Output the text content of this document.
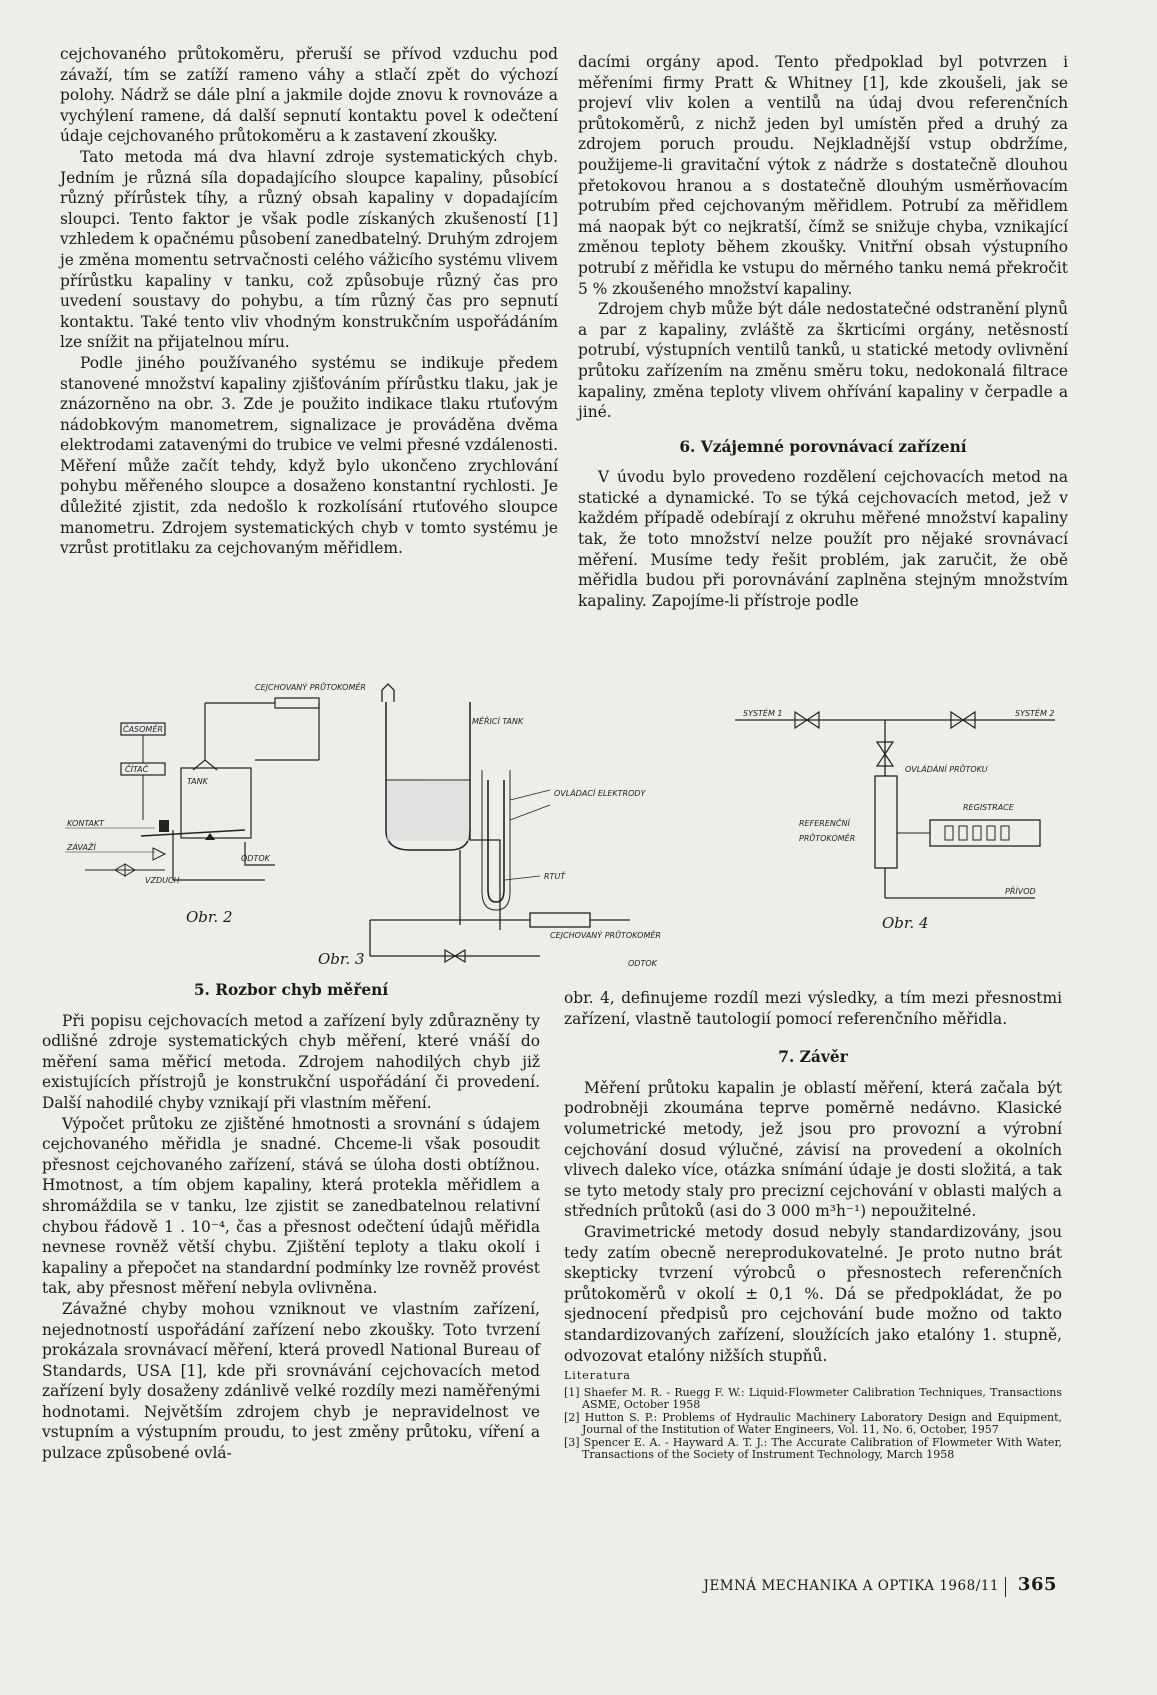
cejchovaného průtokoměru, přeruší se přívod vzduchu pod závaží, tím se zatíží rameno váhy a stlačí zpět do výchozí polohy. Nádrž se dále plní a jakmile dojde znovu k rovnováze a vychýlení ramene, dá další sepnutí kontaktu povel k odečtení údaje cejchovaného průtokoměru a k zastavení zkoušky.

Tato metoda má dva hlavní zdroje systematických chyb. Jedním je různá síla dopadajícího sloupce kapaliny, působící různý přírůstek tíhy, a různý obsah kapaliny v dopadajícím sloupci. Tento faktor je však podle získaných zkušeností [1] vzhledem k opačnému působení zanedbatelný. Druhým zdrojem je změna momentu setrvačnosti celého vážicího systému vlivem přírůstku kapaliny v tanku, což způsobuje různý čas pro uvedení soustavy do pohybu, a tím různý čas pro sepnutí kontaktu. Také tento vliv vhodným konstrukčním uspořádáním lze snížit na přijatelnou míru.

Podle jiného používaného systému se indikuje předem stanovené množství kapaliny zjišťováním přírůstku tlaku, jak je znázorněno na obr. 3. Zde je použito indikace tlaku rtuťovým nádobkovým manometrem, signalizace je prováděna dvěma elektrodami zatavenými do trubice ve velmi přesné vzdálenosti. Měření může začít tehdy, když bylo ukončeno zrychlování pohybu měřeného sloupce a dosaženo konstantní rychlosti. Je důležité zjistit, zda nedošlo k rozkolísání rtuťového sloupce manometru. Zdrojem systematických chyb v tomto systému je vzrůst protitlaku za cejchovaným měřidlem.

dacími orgány apod. Tento předpoklad byl potvrzen i měřeními firmy Pratt & Whitney [1], kde zkoušeli, jak se projeví vliv kolen a ventilů na údaj dvou referenčních průtokoměrů, z nichž jeden byl umístěn před a druhý za zdrojem poruch proudu. Nejkladnější vstup obdržíme, použijeme-li gravitační výtok z nádrže s dostatečně dlouhou přetokovou hranou a s dostatečně dlouhým usměrňovacím potrubím před cejchovaným měřidlem. Potrubí za měřidlem má naopak být co nejkratší, čímž se snižuje chyba, vznikající změnou teploty během zkoušky. Vnitřní obsah výstupního potrubí z měřidla ke vstupu do měrného tanku nemá překročit 5 % zkoušeného množství kapaliny.

Zdrojem chyb může být dále nedostatečné odstranění plynů a par z kapaliny, zvláště za škrticími orgány, netěsností potrubí, výstupních ventilů tanků, u statické metody ovlivnění průtoku zařízením na změnu směru toku, nedokonalá filtrace kapaliny, změna teploty vlivem ohřívání kapaliny v čerpadle a jiné.

6. Vzájemné porovnávací zařízení

V úvodu bylo provedeno rozdělení cejchovacích metod na statické a dynamické. To se týká cejchovacích metod, jež v každém případě odebírají z okruhu měřené množství kapaliny tak, že toto množství nelze použít pro nějaké srovnávací měření. Musíme tedy řešit problém, jak zaručit, že obě měřidla budou při porovnávání zaplněna stejným množstvím kapaliny. Zapojíme-li přístroje podle

CEJCHOVANÝ PRŮTOKOMĚR
ČASOMĚR
ČÍTAČ
TANK
KONTAKT
ZÁVAŽÍ
VZDUCH
ODTOK
Obr. 2
MĚŘICÍ TANK
OVLÁDACÍ ELEKTRODY
RTUŤ
CEJCHOVANÝ PRŮTOKOMĚR
ODTOK
Obr. 3
SYSTÉM 1	SYSTÉM 2
OVLÁDÁNÍ PRŮTOKU
REFERENČNÍ
PRŮTOKOMĚR
REGISTRACE
PŘÍVOD
Obr. 4
5. Rozbor chyb měření

Při popisu cejchovacích metod a zařízení byly zdůrazněny ty odlišné zdroje systematických chyb měření, které vnáší do měření sama měřicí metoda. Zdrojem nahodilých chyb již existujících přístrojů je konstrukční uspořádání či provedení. Další nahodilé chyby vznikají při vlastním měření.

Výpočet průtoku ze zjištěné hmotnosti a srovnání s údajem cejchovaného měřidla je snadné. Chceme-li však posoudit přesnost cejchovaného zařízení, stává se úloha dosti obtížnou. Hmotnost, a tím objem kapaliny, která protekla měřidlem a shromáždila se v tanku, lze zjistit se zanedbatelnou relativní chybou řádově 1 . 10⁻⁴, čas a přesnost odečtení údajů měřidla nevnese rovněž větší chybu. Zjištění teploty a tlaku okolí i kapaliny a přepočet na standardní podmínky lze rovněž provést tak, aby přesnost měření nebyla ovlivněna.

Závažné chyby mohou vzniknout ve vlastním zařízení, nejednotností uspořádání zařízení nebo zkoušky. Toto tvrzení prokázala srovnávací měření, která provedl National Bureau of Standards, USA [1], kde při srovnávání cejchovacích metod zařízení byly dosaženy zdánlivě velké rozdíly mezi naměřenými hodnotami. Největším zdrojem chyb je nepravidelnost ve vstupním a výstupním proudu, to jest změny průtoku, víření a pulzace způsobené ovlá-

obr. 4, definujeme rozdíl mezi výsledky, a tím mezi přesnostmi zařízení, vlastně tautologií pomocí referenčního měřidla.

7. Závěr

Měření průtoku kapalin je oblastí měření, která začala být podrobněji zkoumána teprve poměrně nedávno. Klasické volumetrické metody, jež jsou pro provozní a výrobní cejchování dosud výlučné, závisí na provedení a okolních vlivech daleko více, otázka snímání údaje je dosti složitá, a tak se tyto metody staly pro precizní cejchování v oblasti malých a středních průtoků (asi do 3 000 m³h⁻¹) nepoužitelné.

Gravimetrické metody dosud nebyly standardizovány, jsou tedy zatím obecně nereprodukovatelné. Je proto nutno brát skepticky tvrzení výrobců o přesnostech referenčních průtokoměrů v okolí ± 0,1 %. Dá se předpokládat, že po sjednocení předpisů pro cejchování bude možno od takto standardizovaných zařízení, sloužících jako etalóny 1. stupně, odvozovat etalóny nižších stupňů.

Literatura

[1] Shaefer M. R. - Ruegg F. W.: Liquid-Flowmeter Calibration Techniques, Transactions ASME, October 1958

[2] Hutton S. P.: Problems of Hydraulic Machinery Laboratory Design and Equipment, Journal of the Institution of Water Engineers, Vol. 11, No. 6, October, 1957

[3] Spencer E. A. - Hayward A. T. J.: The Accurate Calibration of Flowmeter With Water, Transactions of the Society of Instrument Technology, March 1958

JEMNÁ MECHANIKA A OPTIKA 1968/11 365
